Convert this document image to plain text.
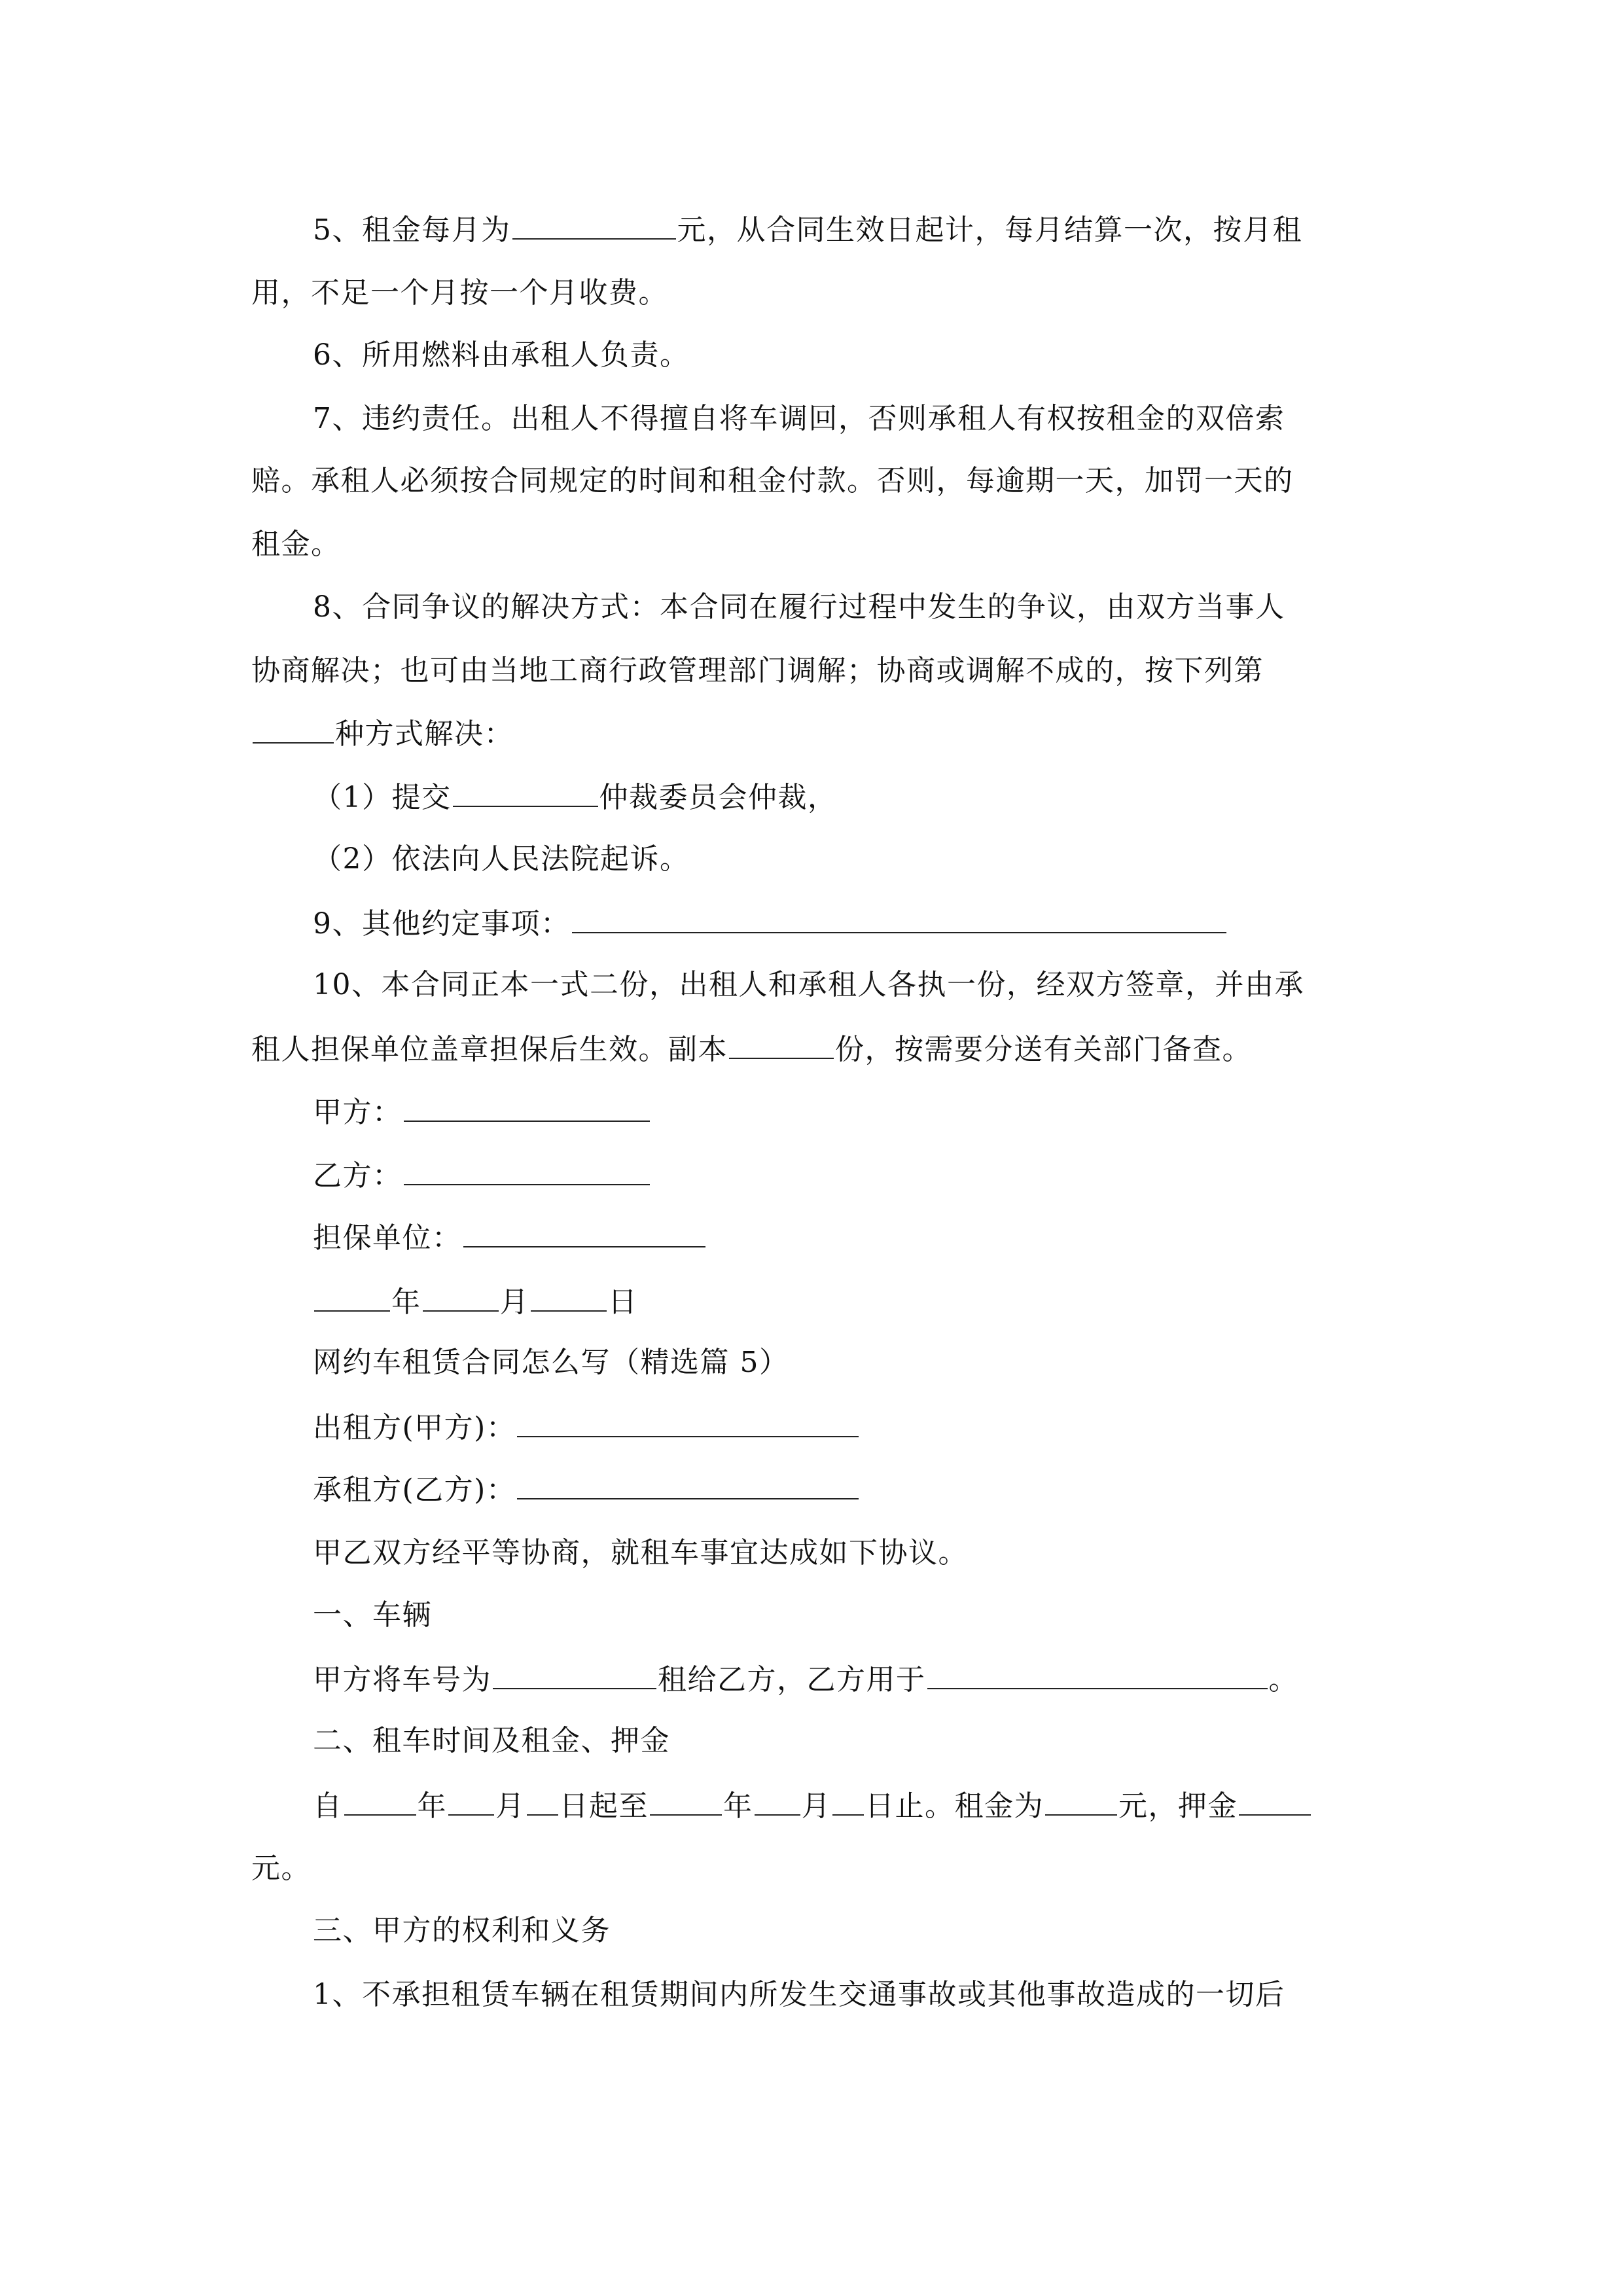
5、租金每月为	元，从合同生效日起计，每月结算一次，按月租

用，不足一个月按一个月收费。

6、所用燃料由承租人负责。

7、违约责任。出租人不得擅自将车调回，否则承租人有权按租金的双倍索

赔。承租人必须按合同规定的时间和租金付款。否则，每逾期一天，加罚一天的

租金。

8、合同争议的解决方式：本合同在履行过程中发生的争议，由双方当事人

协商解决；也可由当地工商行政管理部门调解；协商或调解不成的，按下列第

种方式解决：

（1）提交	仲裁委员会仲裁，

（2）依法向人民法院起诉。

9、其他约定事项：

10、本合同正本一式二份，出租人和承租人各执一份，经双方签章，并由承

租人担保单位盖章担保后生效。副本	份，按需要分送有关部门备查。

甲方：

乙方：

担保单位：

年	月	日

网约车租赁合同怎么写（精选篇 5）

出租方(甲方)：

承租方(乙方)：

甲乙双方经平等协商，就租车事宜达成如下协议。

一、车辆

甲方将车号为	租给乙方，乙方用于	。

二、租车时间及租金、押金

自	年 月 日起至	年 月 日止。租金为	元，押金

元。

三、甲方的权利和义务

1、不承担租赁车辆在租赁期间内所发生交通事故或其他事故造成的一切后
